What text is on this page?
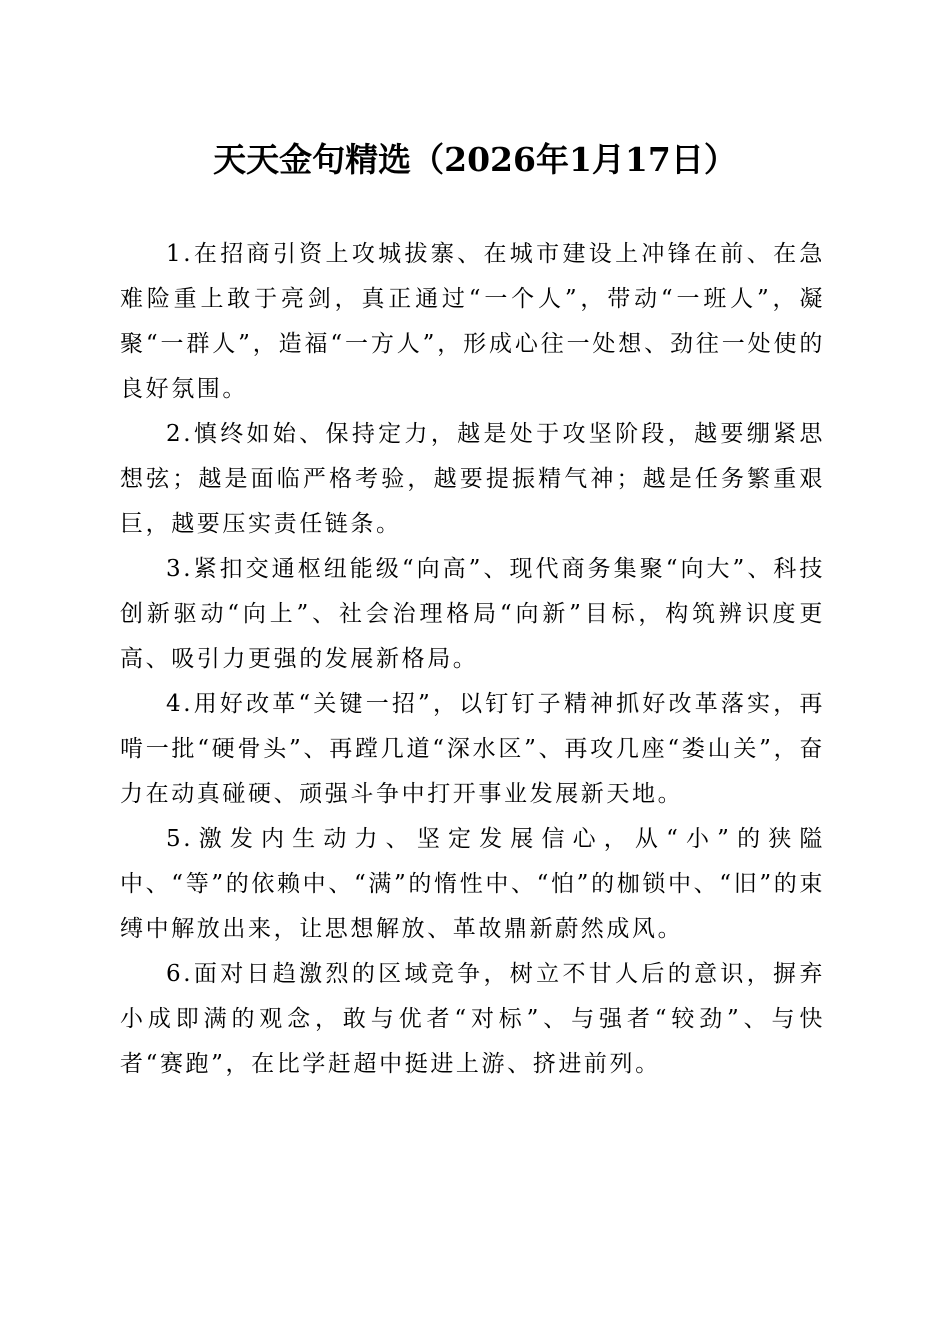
天天金句精选（2026年1月17日）

1.在招商引资上攻城拔寨、在城市建设上冲锋在前、在急难险重上敢于亮剑，真正通过“一个人”，带动“一班人”，凝聚“一群人”，造福“一方人”，形成心往一处想、劲往一处使的良好氛围。

2.慎终如始、保持定力，越是处于攻坚阶段，越要绷紧思想弦；越是面临严格考验，越要提振精气神；越是任务繁重艰巨，越要压实责任链条。

3.紧扣交通枢纽能级“向高”、现代商务集聚“向大”、科技创新驱动“向上”、社会治理格局“向新”目标，构筑辨识度更高、吸引力更强的发展新格局。

4.用好改革“关键一招”，以钉钉子精神抓好改革落实，再啃一批“硬骨头”、再蹚几道“深水区”、再攻几座“娄山关”，奋力在动真碰硬、顽强斗争中打开事业发展新天地。

5.激发内生动力、坚定发展信心，从“小”的狭隘中、“等”的依赖中、“满”的惰性中、“怕”的枷锁中、“旧”的束缚中解放出来，让思想解放、革故鼎新蔚然成风。

6.面对日趋激烈的区域竞争，树立不甘人后的意识，摒弃小成即满的观念，敢与优者“对标”、与强者“较劲”、与快者“赛跑”，在比学赶超中挺进上游、挤进前列。
